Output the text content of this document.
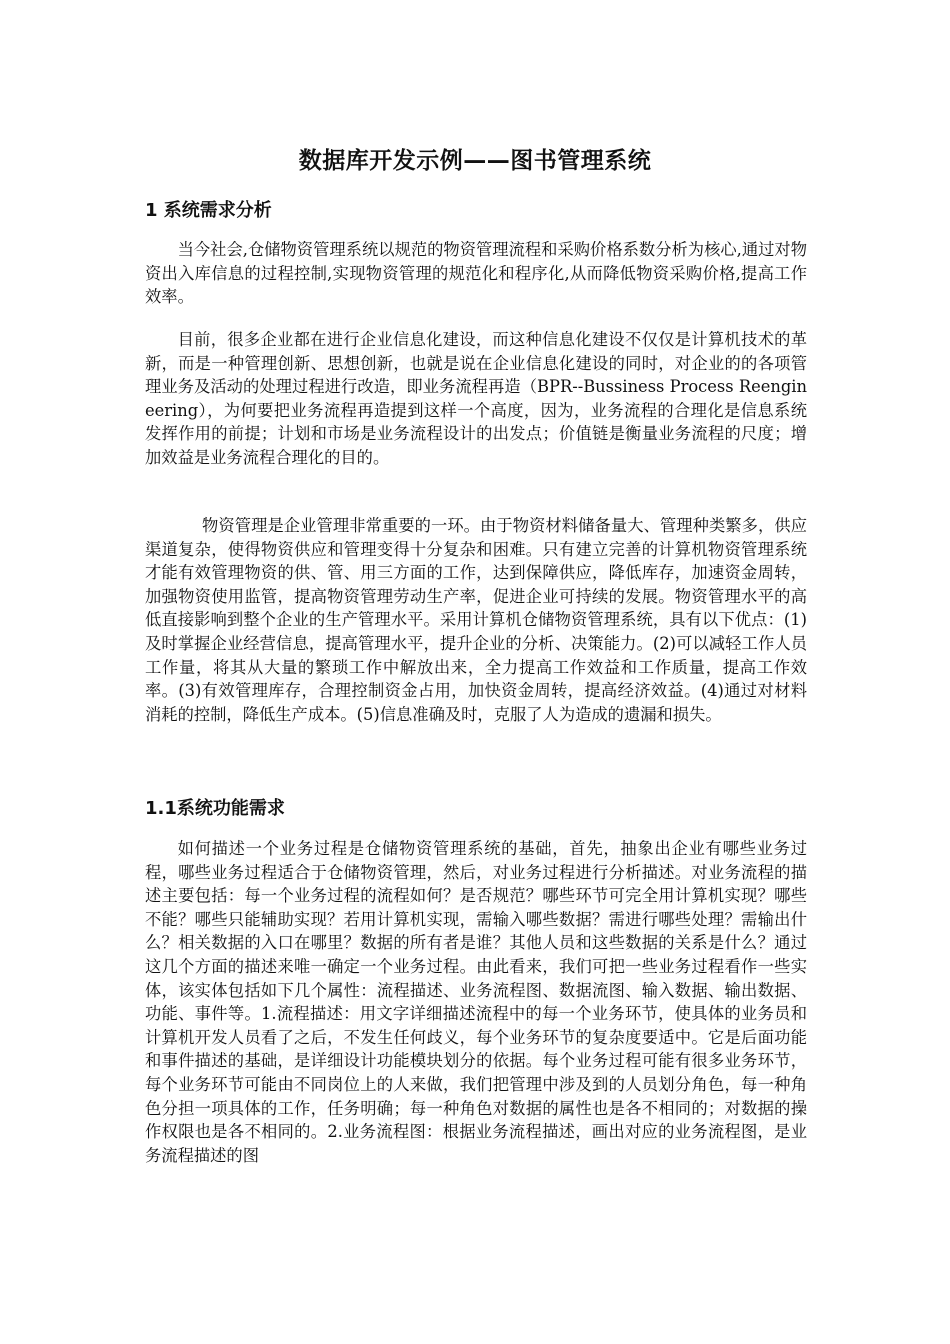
数据库开发示例——图书管理系统
1 系统需求分析

当今社会,仓储物资管理系统以规范的物资管理流程和采购价格系数分析为核心,通过对物资出入库信息的过程控制,实现物资管理的规范化和程序化,从而降低物资采购价格,提高工作效率。

目前，很多企业都在进行企业信息化建设，而这种信息化建设不仅仅是计算机技术的革新，而是一种管理创新、思想创新，也就是说在企业信息化建设的同时，对企业的的各项管理业务及活动的处理过程进行改造，即业务流程再造（BPR--Bussiness Process Reengineering），为何要把业务流程再造提到这样一个高度，因为，业务流程的合理化是信息系统发挥作用的前提；计划和市场是业务流程设计的出发点；价值链是衡量业务流程的尺度；增加效益是业务流程合理化的目的。

物资管理是企业管理非常重要的一环。由于物资材料储备量大、管理种类繁多，供应渠道复杂，使得物资供应和管理变得十分复杂和困难。只有建立完善的计算机物资管理系统才能有效管理物资的供、管、用三方面的工作，达到保障供应，降低库存，加速资金周转，加强物资使用监管，提高物资管理劳动生产率，促进企业可持续的发展。物资管理水平的高低直接影响到整个企业的生产管理水平。采用计算机仓储物资管理系统，具有以下优点：(1)及时掌握企业经营信息，提高管理水平，提升企业的分析、决策能力。(2)可以减轻工作人员工作量，将其从大量的繁琐工作中解放出来，全力提高工作效益和工作质量，提高工作效率。(3)有效管理库存，合理控制资金占用，加快资金周转，提高经济效益。(4)通过对材料消耗的控制，降低生产成本。(5)信息准确及时，克服了人为造成的遗漏和损失。

1.1系统功能需求

如何描述一个业务过程是仓储物资管理系统的基础，首先，抽象出企业有哪些业务过程，哪些业务过程适合于仓储物资管理，然后，对业务过程进行分析描述。对业务流程的描述主要包括：每一个业务过程的流程如何？是否规范？哪些环节可完全用计算机实现？哪些不能？哪些只能辅助实现？若用计算机实现，需输入哪些数据？需进行哪些处理？需输出什么？相关数据的入口在哪里？数据的所有者是谁？其他人员和这些数据的关系是什么？通过这几个方面的描述来唯一确定一个业务过程。由此看来，我们可把一些业务过程看作一些实体，该实体包括如下几个属性：流程描述、业务流程图、数据流图、输入数据、输出数据、功能、事件等。1.流程描述：用文字详细描述流程中的每一个业务环节，使具体的业务员和计算机开发人员看了之后，不发生任何歧义，每个业务环节的复杂度要适中。它是后面功能和事件描述的基础，是详细设计功能模块划分的依据。每个业务过程可能有很多业务环节，每个业务环节可能由不同岗位上的人来做，我们把管理中涉及到的人员划分角色，每一种角色分担一项具体的工作，任务明确；每一种角色对数据的属性也是各不相同的；对数据的操作权限也是各不相同的。2.业务流程图：根据业务流程描述，画出对应的业务流程图，是业务流程描述的图
